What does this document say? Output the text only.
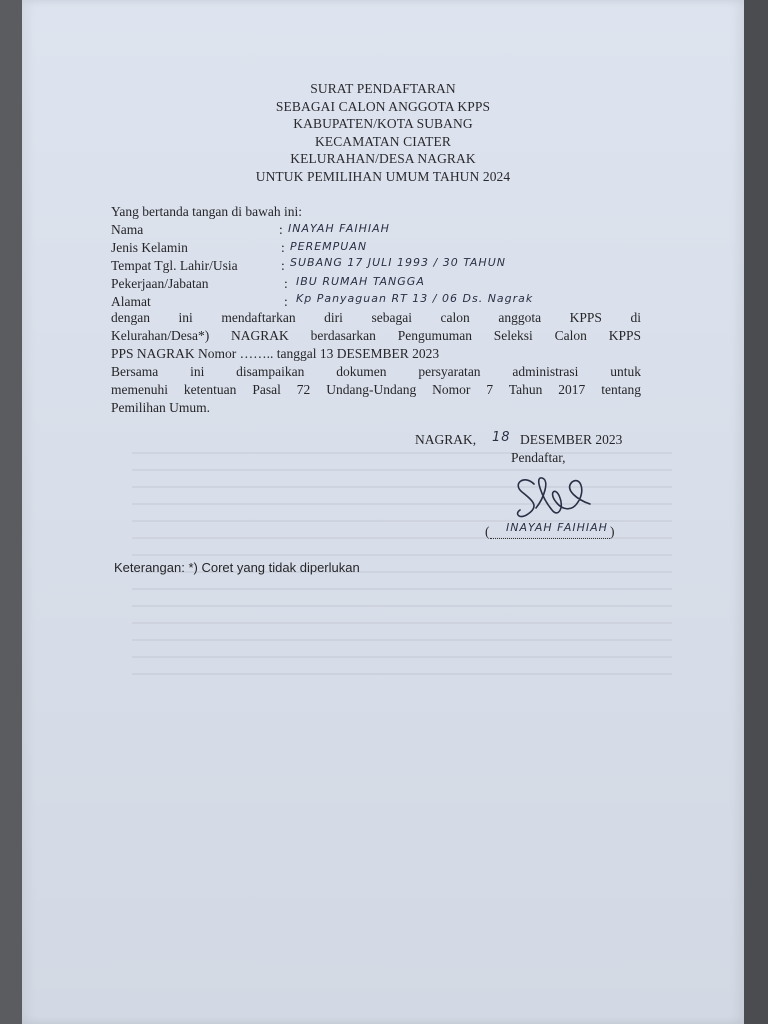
SURAT PENDAFTARAN
SEBAGAI CALON ANGGOTA KPPS
KABUPATEN/KOTA SUBANG
KECAMATAN CIATER
KELURAHAN/DESA NAGRAK
UNTUK PEMILIHAN UMUM TAHUN 2024
Yang bertanda tangan di bawah ini:
Nama	: INAYAH FAIHIAH
Jenis Kelamin	: PEREMPUAN
Tempat Tgl. Lahir/Usia	: SUBANG 17 JULI 1993 / 30 TAHUN
Pekerjaan/Jabatan	: IBU RUMAH TANGGA
Alamat	: Kp Panyaguan RT 13 / 06 Ds. Nagrak
dengan ini mendaftarkan diri sebagai calon anggota KPPS di
Kelurahan/Desa*) NAGRAK berdasarkan Pengumuman Seleksi Calon KPPS
PPS NAGRAK Nomor …….. tanggal 13 DESEMBER 2023
Bersama ini disampaikan dokumen persyaratan administrasi untuk
memenuhi ketentuan Pasal 72 Undang-Undang Nomor 7 Tahun 2017 tentang
Pemilihan Umum.
NAGRAK, 18 DESEMBER 2023
Pendaftar,
( INAYAH FAIHIAH )
Keterangan: *) Coret yang tidak diperlukan
